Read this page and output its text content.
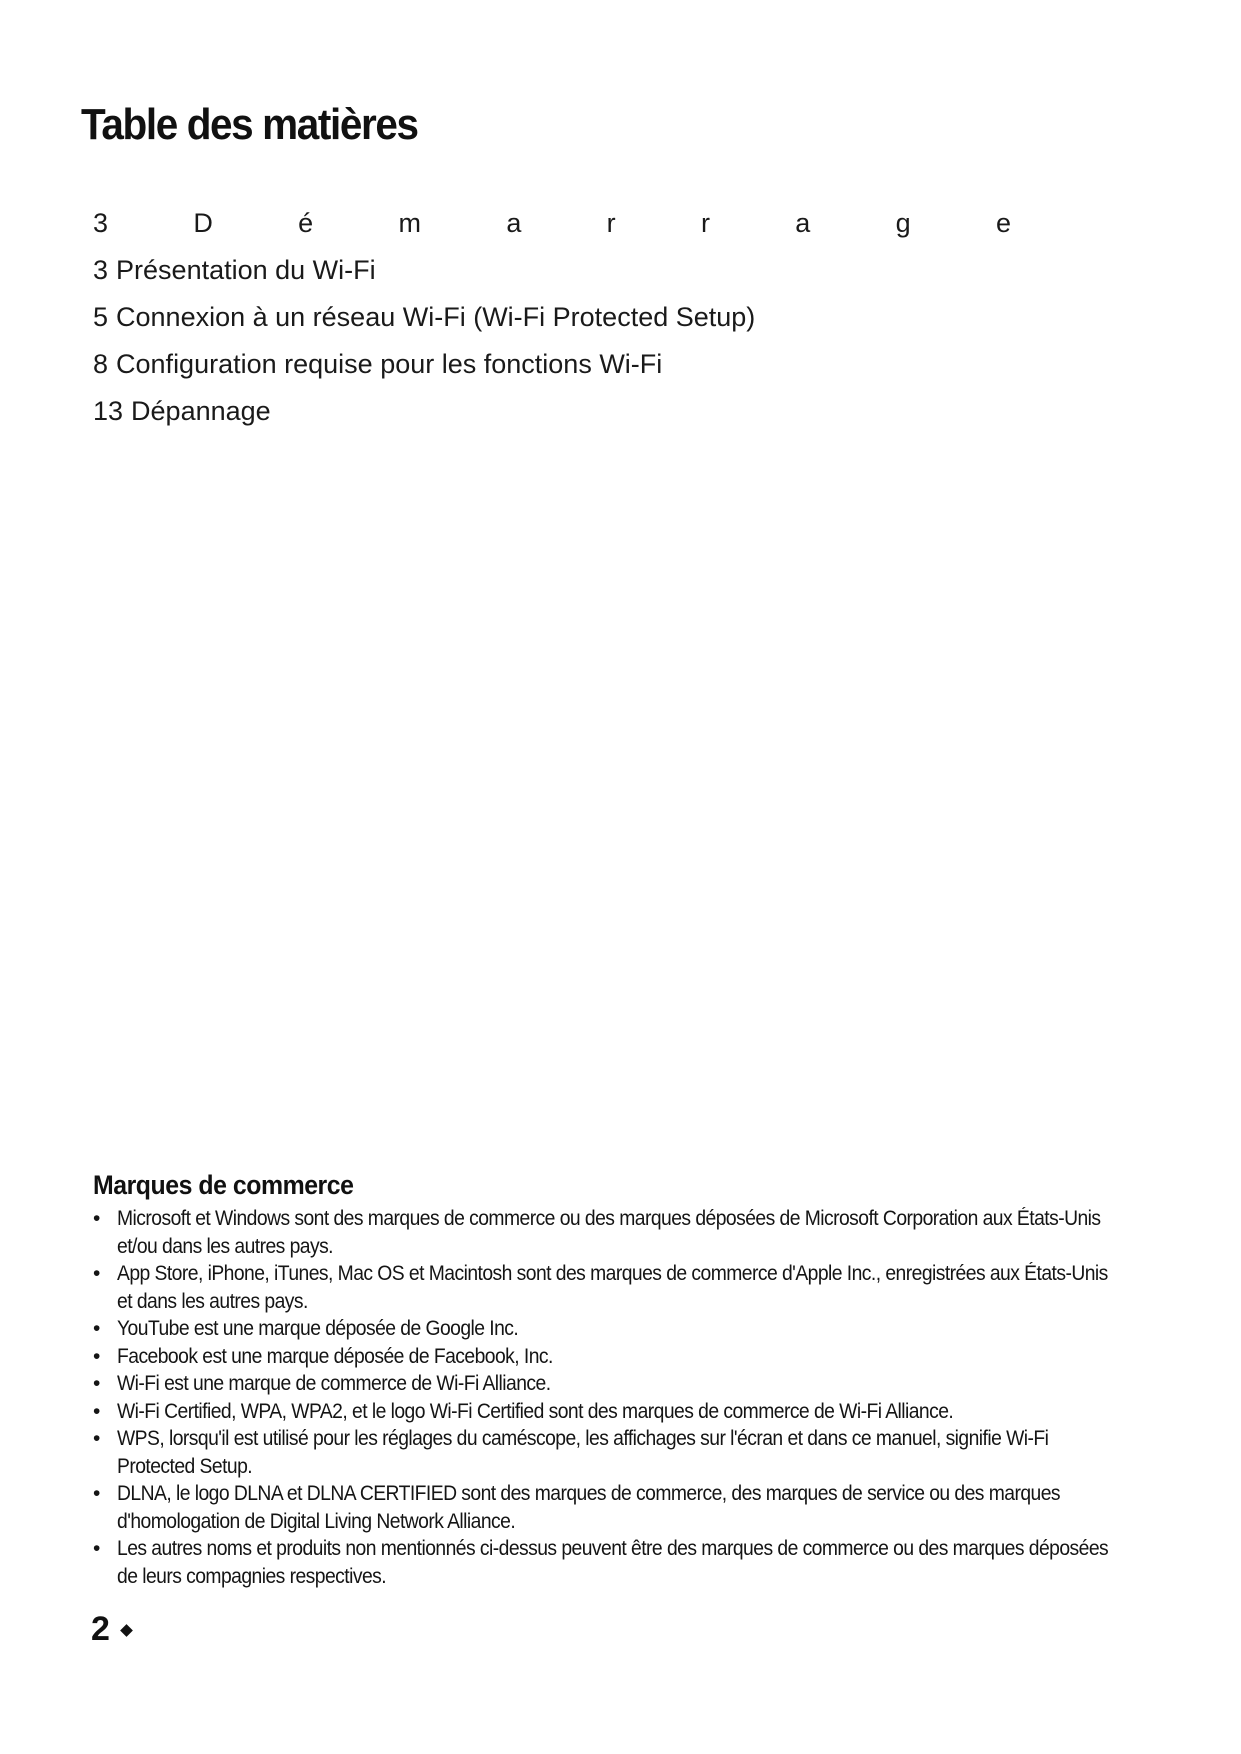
Table des matières
3	D	é	m	a	r	r	a	g	e
3 Présentation du Wi-Fi
5 Connexion à un réseau Wi-Fi (Wi-Fi Protected Setup)
8 Configuration requise pour les fonctions Wi-Fi
13 Dépannage
Marques de commerce
• Microsoft et Windows sont des marques de commerce ou des marques déposées de Microsoft Corporation aux États-Unis et/ou dans les autres pays.
• App Store, iPhone, iTunes, Mac OS et Macintosh sont des marques de commerce d'Apple Inc., enregistrées aux États-Unis et dans les autres pays.
• YouTube est une marque déposée de Google Inc.
• Facebook est une marque déposée de Facebook, Inc.
• Wi-Fi est une marque de commerce de Wi-Fi Alliance.
• Wi-Fi Certified, WPA, WPA2, et le logo Wi-Fi Certified sont des marques de commerce de Wi-Fi Alliance.
• WPS, lorsqu'il est utilisé pour les réglages du caméscope, les affichages sur l'écran et dans ce manuel, signifie Wi-Fi Protected Setup.
• DLNA, le logo DLNA et DLNA CERTIFIED sont des marques de commerce, des marques de service ou des marques d'homologation de Digital Living Network Alliance.
• Les autres noms et produits non mentionnés ci-dessus peuvent être des marques de commerce ou des marques déposées de leurs compagnies respectives.
2
